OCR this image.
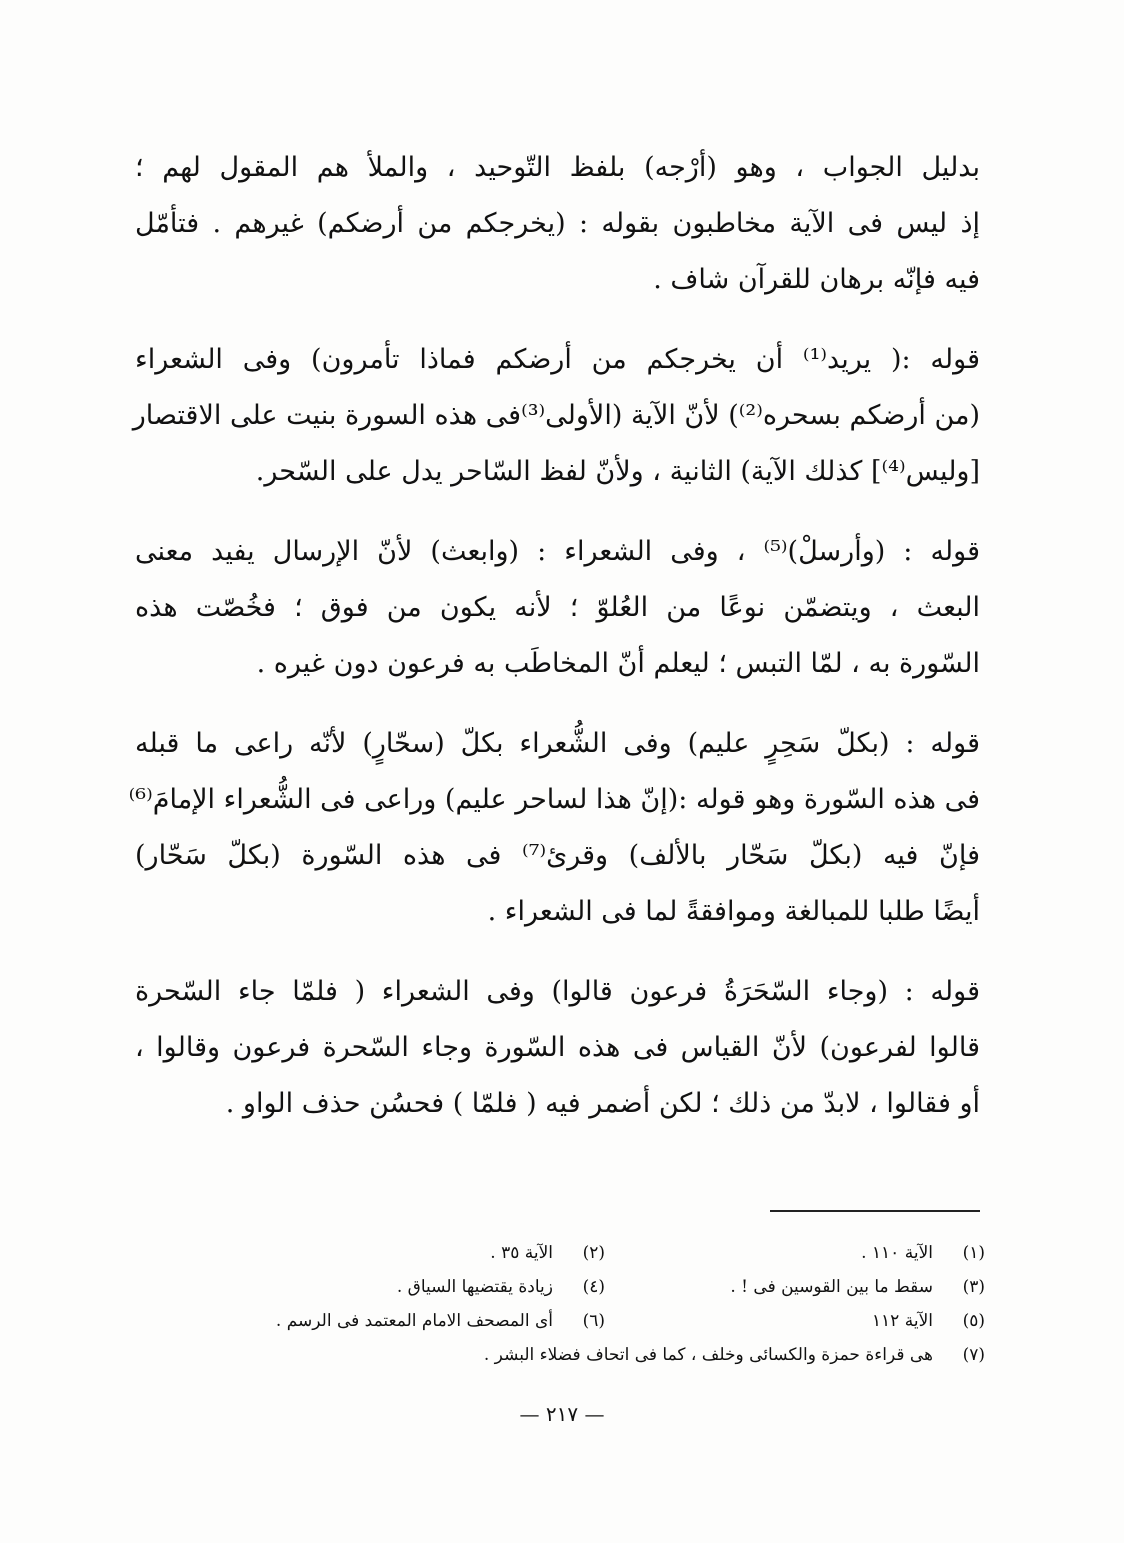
بدليل الجواب ، وهو (أرْجه) بلفظ التّوحيد ، والملأ هم المقول لهم ؛
إذ ليس فى الآية مخاطبون بقوله : (يخرجكم من أرضكم) غيرهم . فتأمّل
فيه فإنّه برهان للقرآن شاف .

قوله :( يريد⁽¹⁾ أن يخرجكم من أرضكم فماذا تأمرون) وفى الشعراء
(من أرضكم بسحره⁽²⁾) لأنّ الآية (الأولى⁽³⁾فى هذه السورة بنيت على الاقتصار
[وليس⁽⁴⁾] كذلك الآية) الثانية ، ولأنّ لفظ السّاحر يدل على السّحر.

قوله : (وأرسلْ)⁽⁵⁾ ، وفى الشعراء : (وابعث) لأنّ الإرسال يفيد معنى
البعث ، ويتضمّن نوعًا من العُلوّ ؛ لأنه يكون من فوق ؛ فخُصّت هذه
السّورة به ، لمّا التبس ؛ ليعلم أنّ المخاطَب به فرعون دون غيره .

قوله : (بكلّ سَحِرٍ عليم) وفى الشُّعراء بكلّ (سحّارٍ) لأنّه راعى ما قبله
فى هذه السّورة وهو قوله :(إنّ هذا لساحر عليم) وراعى فى الشُّعراء الإمامَ⁽⁶⁾
فإنّ فيه (بكلّ سَحّار بالألف) وقرئ⁽⁷⁾ فى هذه السّورة (بكلّ سَحّار)
أيضًا طلبا للمبالغة وموافقةً لما فى الشعراء .

قوله : (وجاء السّحَرَةُ فرعون قالوا) وفى الشعراء ( فلمّا جاء السّحرة
قالوا لفرعون) لأنّ القياس فى هذه السّورة وجاء السّحرة فرعون وقالوا ،
أو فقالوا ، لابدّ من ذلك ؛ لكن أضمر فيه ( فلمّا ) فحسُن حذف الواو .

(١)
الآية ١١٠ .
(٢)
الآية ٣٥ .
(٣)
سقط ما بين القوسين فى ! .
(٤)
زيادة يقتضيها السياق .
(٥)
الآية ١١٢
(٦)
أى المصحف الامام المعتمد فى الرسم .
(٧)
هى قراءة حمزة والكسائى وخلف ، كما فى اتحاف فضلاء البشر .
— ٢١٧ —
